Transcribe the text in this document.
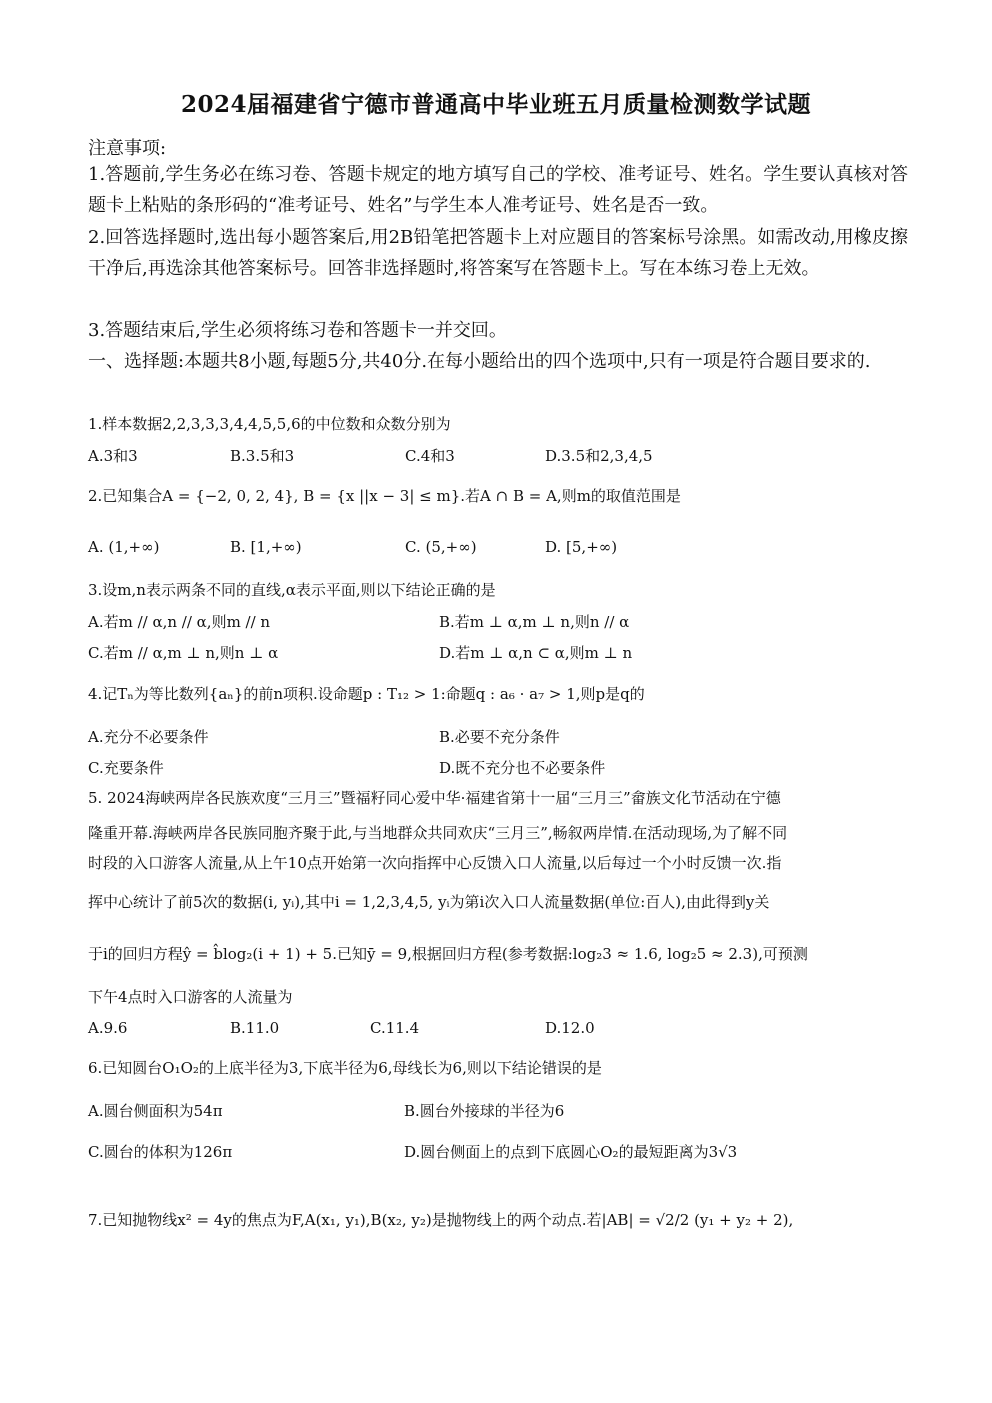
2024届福建省宁德市普通高中毕业班五月质量检测数学试题
注意事项:
1.答题前,学生务必在练习卷、答题卡规定的地方填写自己的学校、准考证号、姓名。学生要认真核对答题卡上粘贴的条形码的“准考证号、姓名”与学生本人准考证号、姓名是否一致。
2.回答选择题时,选出每小题答案后,用2B铅笔把答题卡上对应题目的答案标号涂黑。如需改动,用橡皮擦干净后,再选涂其他答案标号。回答非选择题时,将答案写在答题卡上。写在本练习卷上无效。
3.答题结束后,学生必须将练习卷和答题卡一并交回。
一、选择题:本题共8小题,每题5分,共40分.在每小题给出的四个选项中,只有一项是符合题目要求的.
1.样本数据2,2,3,3,3,4,4,5,5,6的中位数和众数分别为
A.3和3	B.3.5和3	C.4和3	D.3.5和2,3,4,5
2.已知集合A = {−2, 0, 2, 4}, B = {x ||x − 3| ≤ m}.若A ∩ B = A,则m的取值范围是
A. (1,+∞)	B. [1,+∞)	C. (5,+∞)	D. [5,+∞)
3.设m,n表示两条不同的直线,α表示平面,则以下结论正确的是
A.若m // α,n // α,则m // n	B.若m ⊥ α,m ⊥ n,则n // α
C.若m // α,m ⊥ n,则n ⊥ α	D.若m ⊥ α,n ⊂ α,则m ⊥ n
4.记Tₙ为等比数列{aₙ}的前n项积.设命题p : T₁₂ > 1:命题q : a₆ · a₇ > 1,则p是q的
A.充分不必要条件	B.必要不充分条件
C.充要条件	D.既不充分也不必要条件
5. 2024海峡两岸各民族欢度“三月三”暨福籽同心爱中华·福建省第十一届“三月三”畲族文化节活动在宁德
隆重开幕.海峡两岸各民族同胞齐聚于此,与当地群众共同欢庆“三月三”,畅叙两岸情.在活动现场,为了解不同
时段的入口游客人流量,从上午10点开始第一次向指挥中心反馈入口人流量,以后每过一个小时反馈一次.指
挥中心统计了前5次的数据(i, yᵢ),其中i = 1,2,3,4,5, yᵢ为第i次入口人流量数据(单位:百人),由此得到y关
于i的回归方程ŷ = b̂log₂(i + 1) + 5.已知ȳ = 9,根据回归方程(参考数据:log₂3 ≈ 1.6, log₂5 ≈ 2.3),可预测
下午4点时入口游客的人流量为
A.9.6	B.11.0	C.11.4	D.12.0
6.已知圆台O₁O₂的上底半径为3,下底半径为6,母线长为6,则以下结论错误的是
A.圆台侧面积为54π	B.圆台外接球的半径为6
C.圆台的体积为126π	D.圆台侧面上的点到下底圆心O₂的最短距离为3√3
7.已知抛物线x² = 4y的焦点为F,A(x₁, y₁),B(x₂, y₂)是抛物线上的两个动点.若|AB| = √2/2 (y₁ + y₂ + 2),
